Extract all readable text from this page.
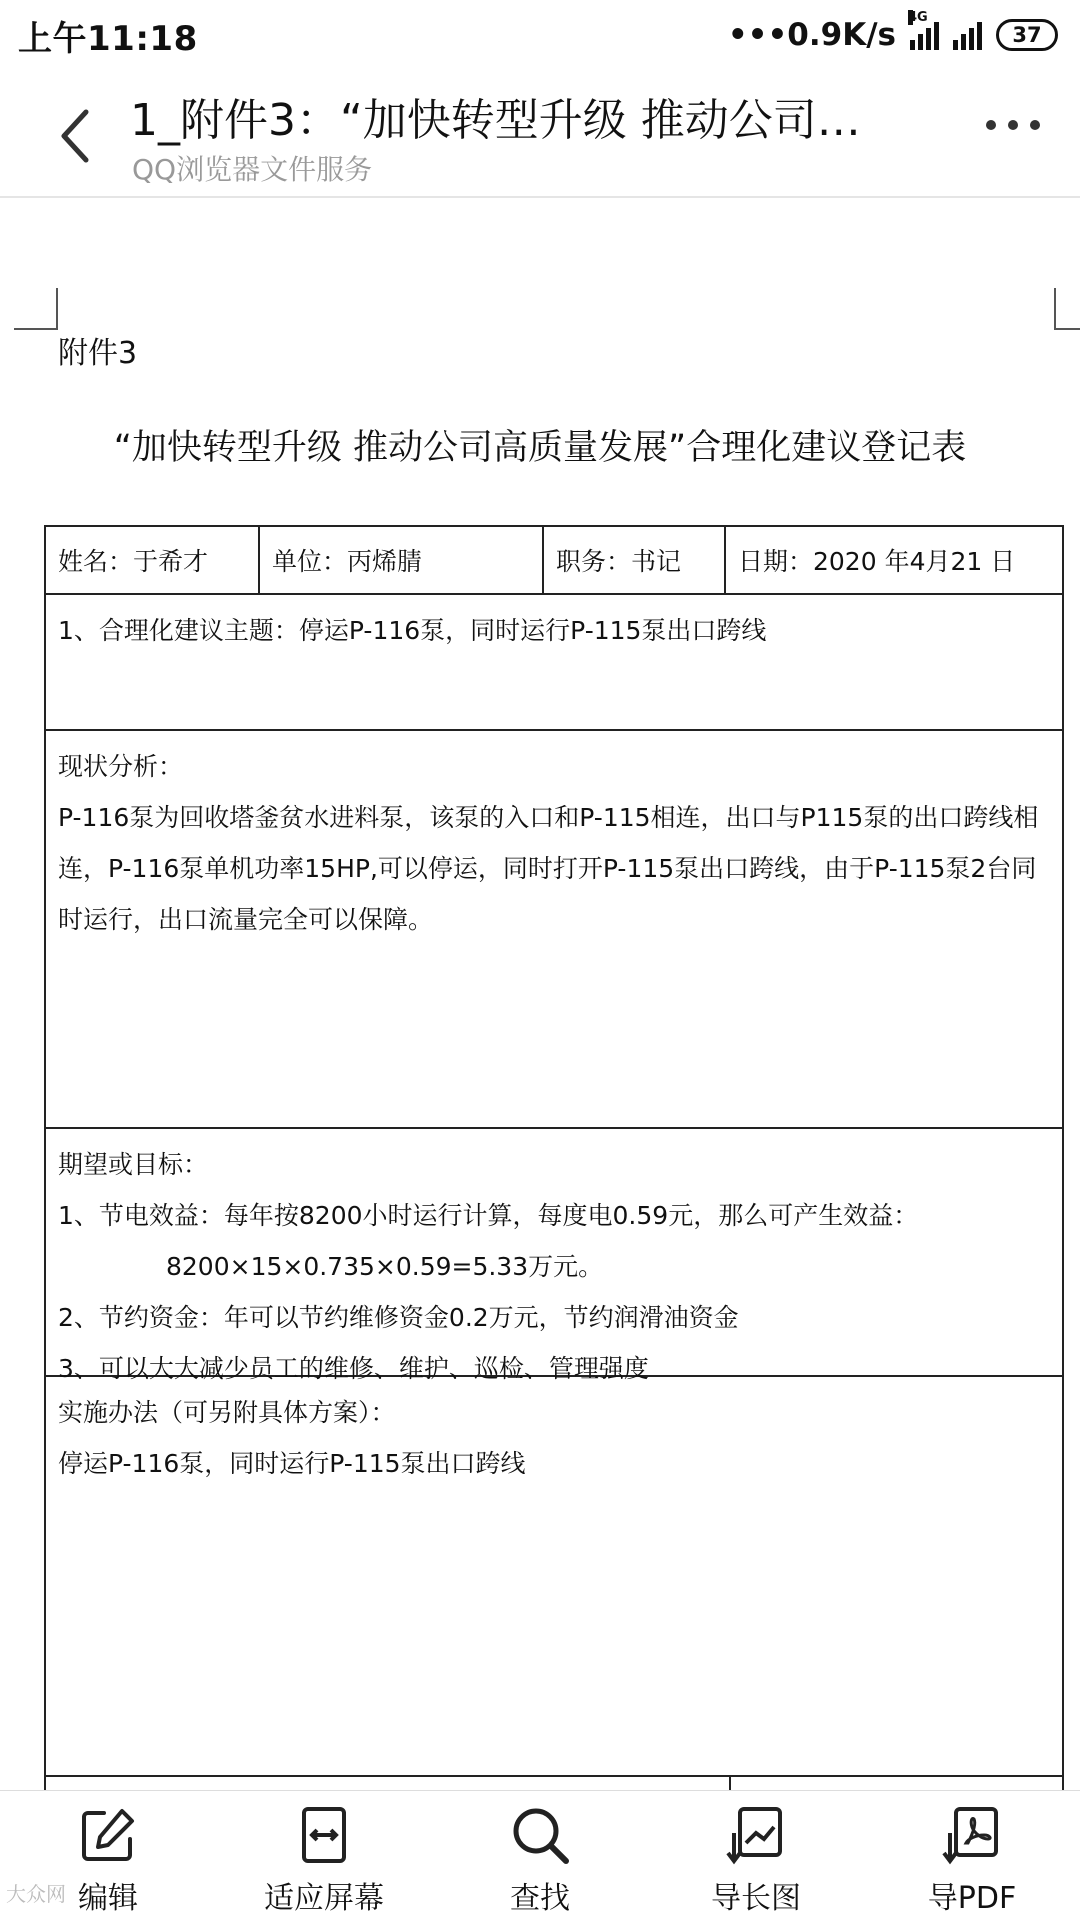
上午11:18	•••0.9K/s 4G
37
1_附件3：“加快转型升级 推动公司…
QQ浏览器文件服务
附件3
“加快转型升级 推动公司高质量发展”合理化建议登记表
姓名：于希才	单位：丙烯腈	职务：书记	日期：2020 年4月21 日

1、合理化建议主题：停运P-116泵，同时运行P-115泵出口跨线

现状分析：

P-116泵为回收塔釜贫水进料泵，该泵的入口和P-115相连，出口与P115泵的出口跨线相连，P-116泵单机功率15HP,可以停运，同时打开P-115泵出口跨线，由于P-115泵2台同时运行，出口流量完全可以保障。

期望或目标：

1、节电效益：每年按8200小时运行计算，每度电0.59元，那么可产生效益：

8200×15×0.735×0.59=5.33万元。

2、节约资金：年可以节约维修资金0.2万元，节约润滑油资金

3、可以大大减少员工的维修、维护、巡检、管理强度

实施办法（可另附具体方案）：

停运P-116泵，同时运行P-115泵出口跨线

编辑	适应屏幕	查找	导长图	导PDF
大众网
